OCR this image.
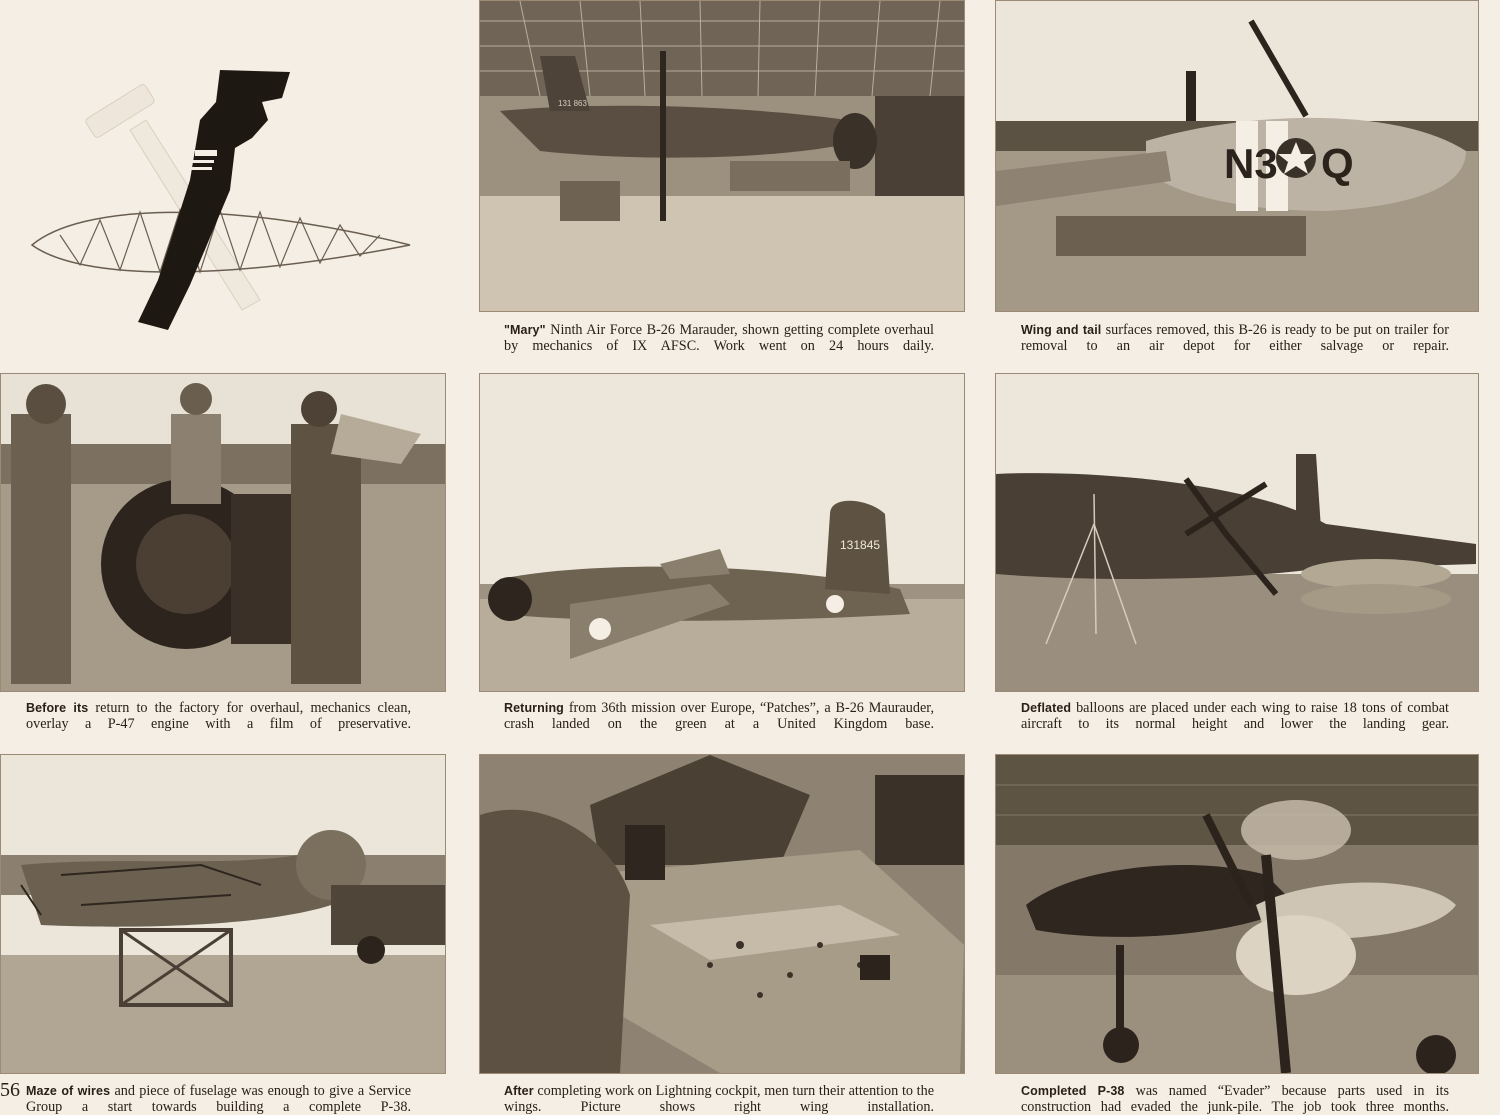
131 863
N3 Q
"Mary" Ninth Air Force B-26 Marauder, shown getting complete overhaul by mechanics of IX AFSC. Work went on 24 hours daily.
Wing and tail surfaces removed, this B-26 is ready to be put on trailer for removal to an air depot for either salvage or repair.
131845
Before its return to the factory for overhaul, mechanics clean, overlay a P-47 engine with a film of preservative.
Returning from 36th mission over Europe, “Patches”, a B-26 Maurauder, crash landed on the green at a United Kingdom base.
Deflated balloons are placed under each wing to raise 18 tons of combat aircraft to its normal height and lower the landing gear.
56 Maze of wires and piece of fuselage was enough to give a Service Group a start towards building a complete P-38.
After completing work on Lightning cockpit, men turn their attention to the wings. Picture shows right wing installation.
Completed P-38 was named “Evader” because parts used in its construction had evaded the junk-pile. The job took three months.
